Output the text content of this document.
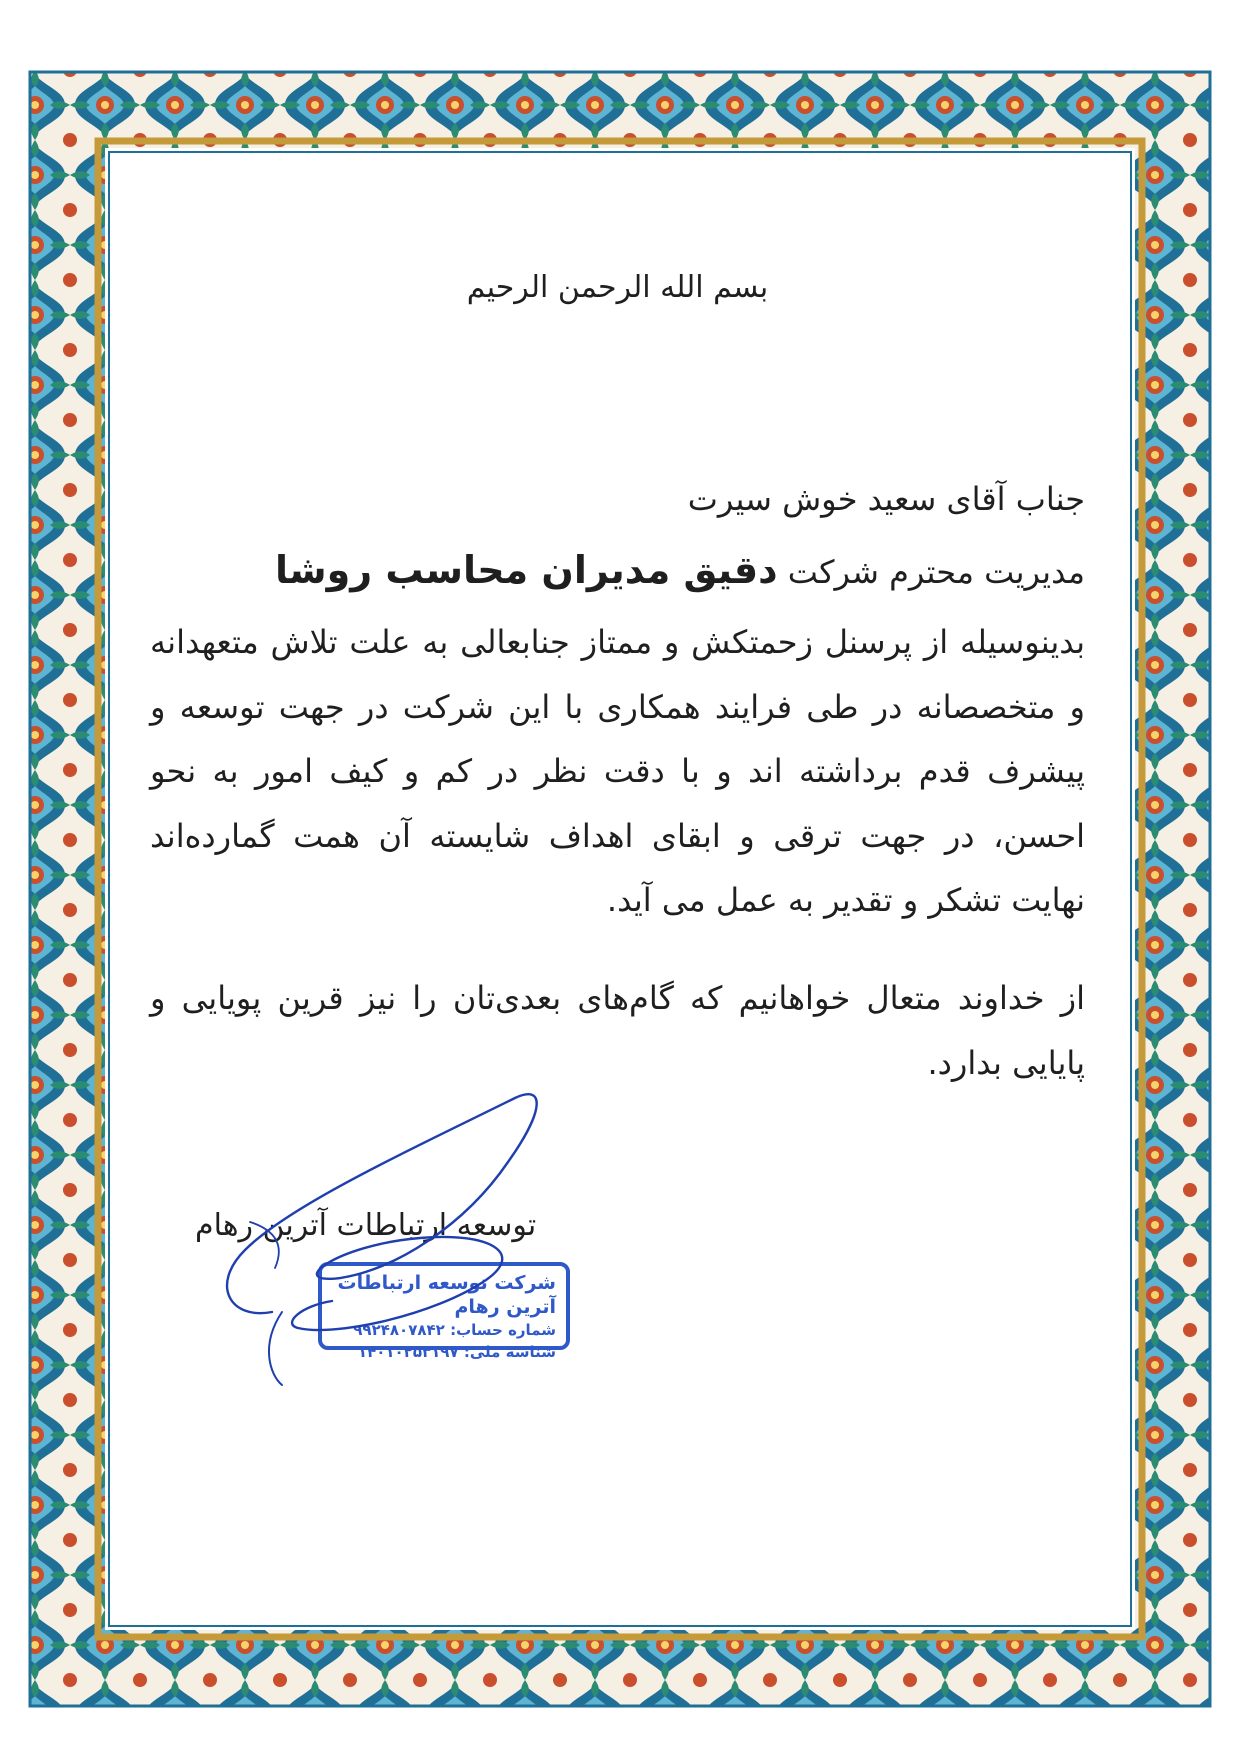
بسم الله الرحمن الرحیم
جناب آقای سعید خوش سیرت
مدیریت محترم شرکت دقیق مدیران محاسب روشا
بدینوسیله از پرسنل زحمتکش و ممتاز جنابعالی به علت تلاش متعهدانه و متخصصانه در طی فرایند همکاری با این شرکت در جهت توسعه و پیشرف قدم برداشته اند و با دقت نظر در کم و کیف امور به نحو احسن، در جهت ترقی و ابقای اهداف شایسته آن همت گمارده‌اند نهایت تشکر و تقدیر به عمل می آید.
از خداوند متعال خواهانیم که گام‌های بعدی‌تان را نیز قرین پویایی و پایایی بدارد.
توسعه ارتباطات آترین رهام
شرکت توسعه ارتباطات آترین رهام
شماره حساب: ۹۹۲۴۸۰۷۸۴۲
شناسه ملی: ۱۴۰۱۰۲۵۳۱۹۷
